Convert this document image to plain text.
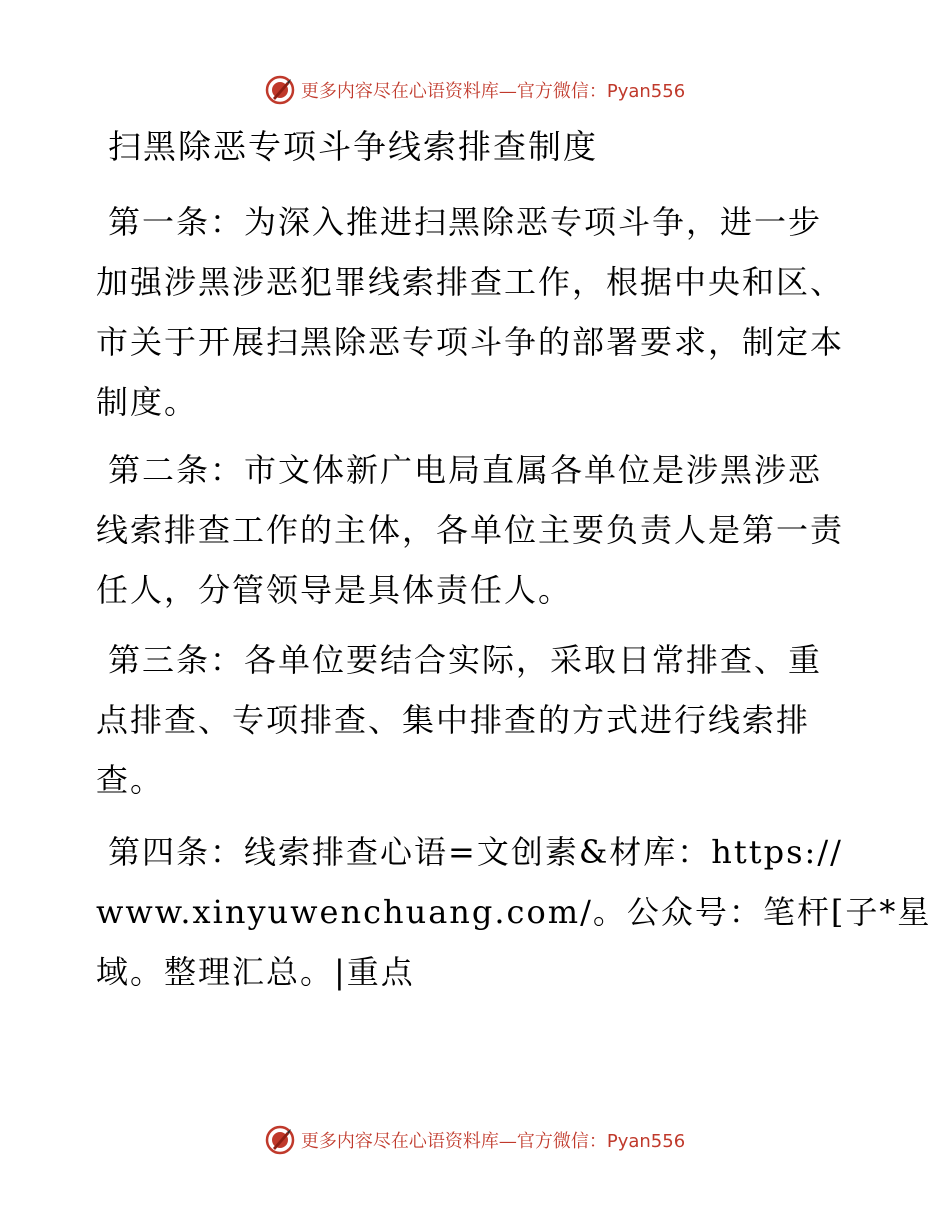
更多内容尽在心语资料库—官方微信：Pyan556
扫黑除恶专项斗争线索排查制度
第一条：为深入推进扫黑除恶专项斗争，进一步
加强涉黑涉恶犯罪线索排查工作，根据中央和区、
市关于开展扫黑除恶专项斗争的部署要求，制定本
制度。
第二条：市文体新广电局直属各单位是涉黑涉恶
线索排查工作的主体，各单位主要负责人是第一责
任人，分管领导是具体责任人。
第三条：各单位要结合实际，采取日常排查、重
点排查、专项排查、集中排查的方式进行线索排
查。
第四条：线索排查心语=文创素&材库：https://
www.xinyuwenchuang.com/。公众号：笔杆[子*星
域。整理汇总。|重点
更多内容尽在心语资料库—官方微信：Pyan556
